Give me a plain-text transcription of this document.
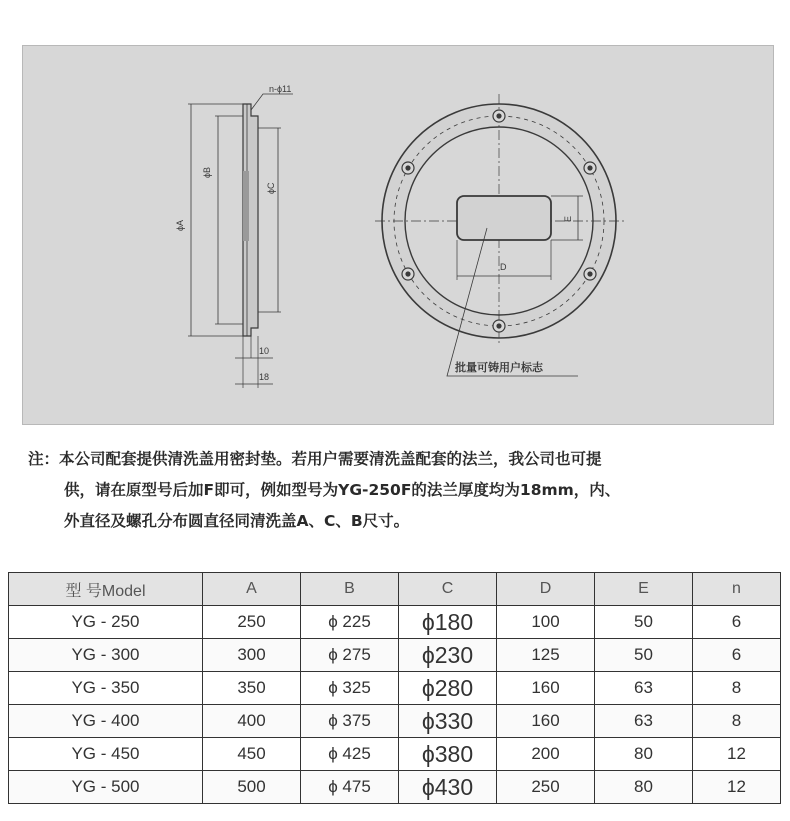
n-ϕ11
ϕA
ϕB
ϕC
10
18
D
E
批量可铸用户标志
注：本公司配套提供清洗盖用密封垫。若用户需要清洗盖配套的法兰，我公司也可提
供，请在原型号后加F即可，例如型号为YG-250F的法兰厚度均为18mm，内、
外直径及螺孔分布圆直径同清洗盖A、C、B尺寸。
型 号Model	A	B	C	D	E	n
YG - 250	250	ϕ 225	ϕ180	100	50	6
YG - 300	300	ϕ 275	ϕ230	125	50	6
YG - 350	350	ϕ 325	ϕ280	160	63	8
YG - 400	400	ϕ 375	ϕ330	160	63	8
YG - 450	450	ϕ 425	ϕ380	200	80	12
YG - 500	500	ϕ 475	ϕ430	250	80	12
